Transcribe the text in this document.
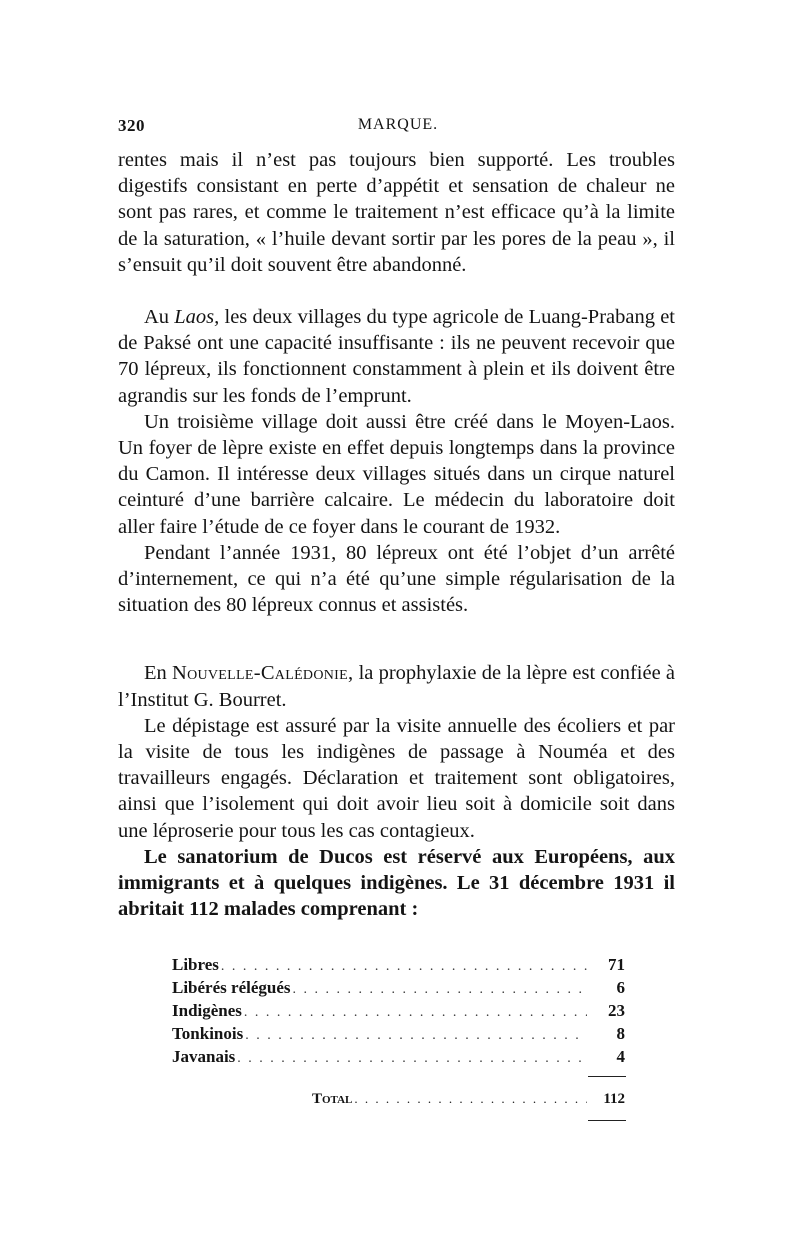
320	MARQUE.

rentes mais il n’est pas toujours bien supporté. Les troubles digestifs consistant en perte d’appétit et sensation de chaleur ne sont pas rares, et comme le traitement n’est efficace qu’à la limite de la saturation, « l’huile devant sortir par les pores de la peau », il s’ensuit qu’il doit souvent être abandonné.

Au Laos, les deux villages du type agricole de Luang-Prabang et de Paksé ont une capacité insuffisante : ils ne peuvent recevoir que 70 lépreux, ils fonctionnent constamment à plein et ils doivent être agrandis sur les fonds de l’emprunt.

Un troisième village doit aussi être créé dans le Moyen-Laos. Un foyer de lèpre existe en effet depuis longtemps dans la province du Camon. Il intéresse deux villages situés dans un cirque naturel ceinturé d’une barrière calcaire. Le médecin du laboratoire doit aller faire l’étude de ce foyer dans le courant de 1932.

Pendant l’année 1931, 80 lépreux ont été l’objet d’un arrêté d’internement, ce qui n’a été qu’une simple régularisation de la situation des 80 lépreux connus et assistés.

En Nouvelle-Calédonie, la prophylaxie de la lèpre est confiée à l’Institut G. Bourret.

Le dépistage est assuré par la visite annuelle des écoliers et par la visite de tous les indigènes de passage à Nouméa et des travailleurs engagés. Déclaration et traitement sont obligatoires, ainsi que l’isolement qui doit avoir lieu soit à domicile soit dans une léproserie pour tous les cas contagieux.

Le sanatorium de Ducos est réservé aux Européens, aux immigrants et à quelques indigènes. Le 31 décembre 1931 il abritait 112 malades comprenant :

Libres . . .	71
Libérés rélégués . . .	6
Indigènes . . .	23
Tonkinois . . .	8
Javanais . . .	4
Total . . .	112
